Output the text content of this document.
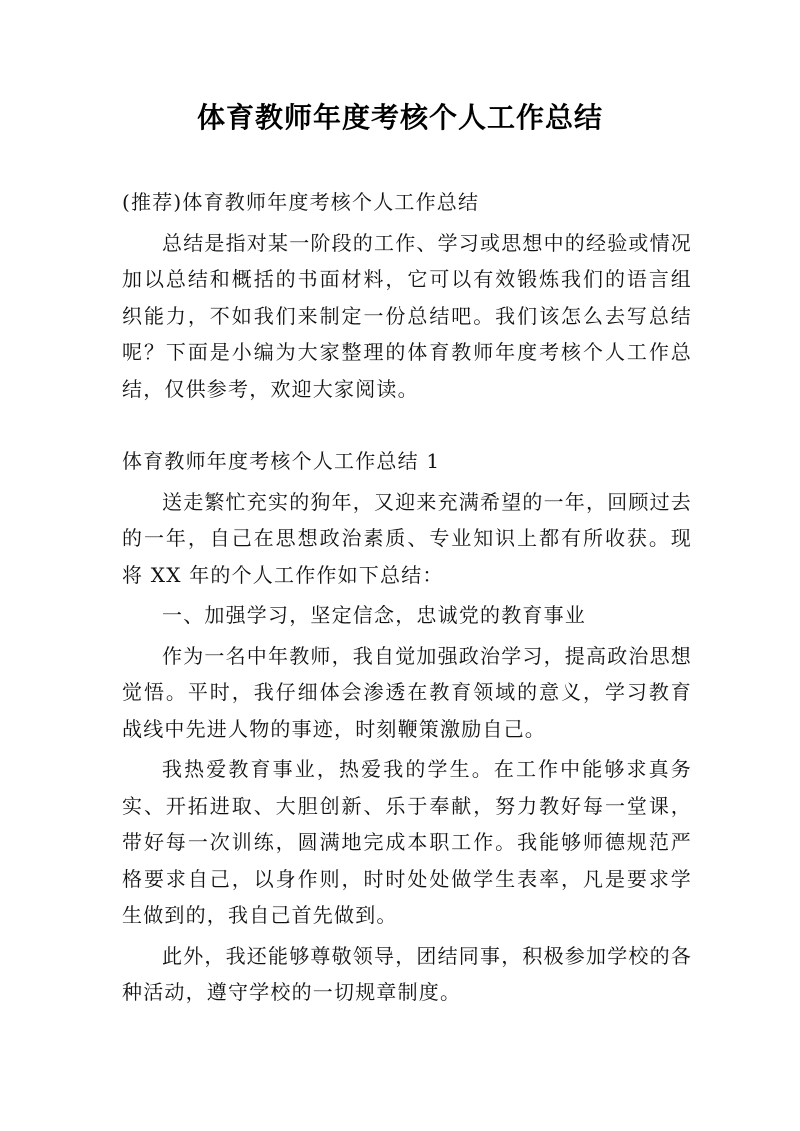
体育教师年度考核个人工作总结

(推荐)体育教师年度考核个人工作总结

总结是指对某一阶段的工作、学习或思想中的经验或情况加以总结和概括的书面材料，它可以有效锻炼我们的语言组织能力，不如我们来制定一份总结吧。我们该怎么去写总结呢？下面是小编为大家整理的体育教师年度考核个人工作总结，仅供参考，欢迎大家阅读。

体育教师年度考核个人工作总结 1

送走繁忙充实的狗年，又迎来充满希望的一年，回顾过去的一年，自己在思想政治素质、专业知识上都有所收获。现将 XX 年的个人工作作如下总结：

一、加强学习，坚定信念，忠诚党的教育事业

作为一名中年教师，我自觉加强政治学习，提高政治思想觉悟。平时，我仔细体会渗透在教育领域的意义，学习教育战线中先进人物的事迹，时刻鞭策激励自己。

我热爱教育事业，热爱我的学生。在工作中能够求真务实、开拓进取、大胆创新、乐于奉献，努力教好每一堂课，带好每一次训练，圆满地完成本职工作。我能够师德规范严格要求自己，以身作则，时时处处做学生表率，凡是要求学生做到的，我自己首先做到。

此外，我还能够尊敬领导，团结同事，积极参加学校的各种活动，遵守学校的一切规章制度。
